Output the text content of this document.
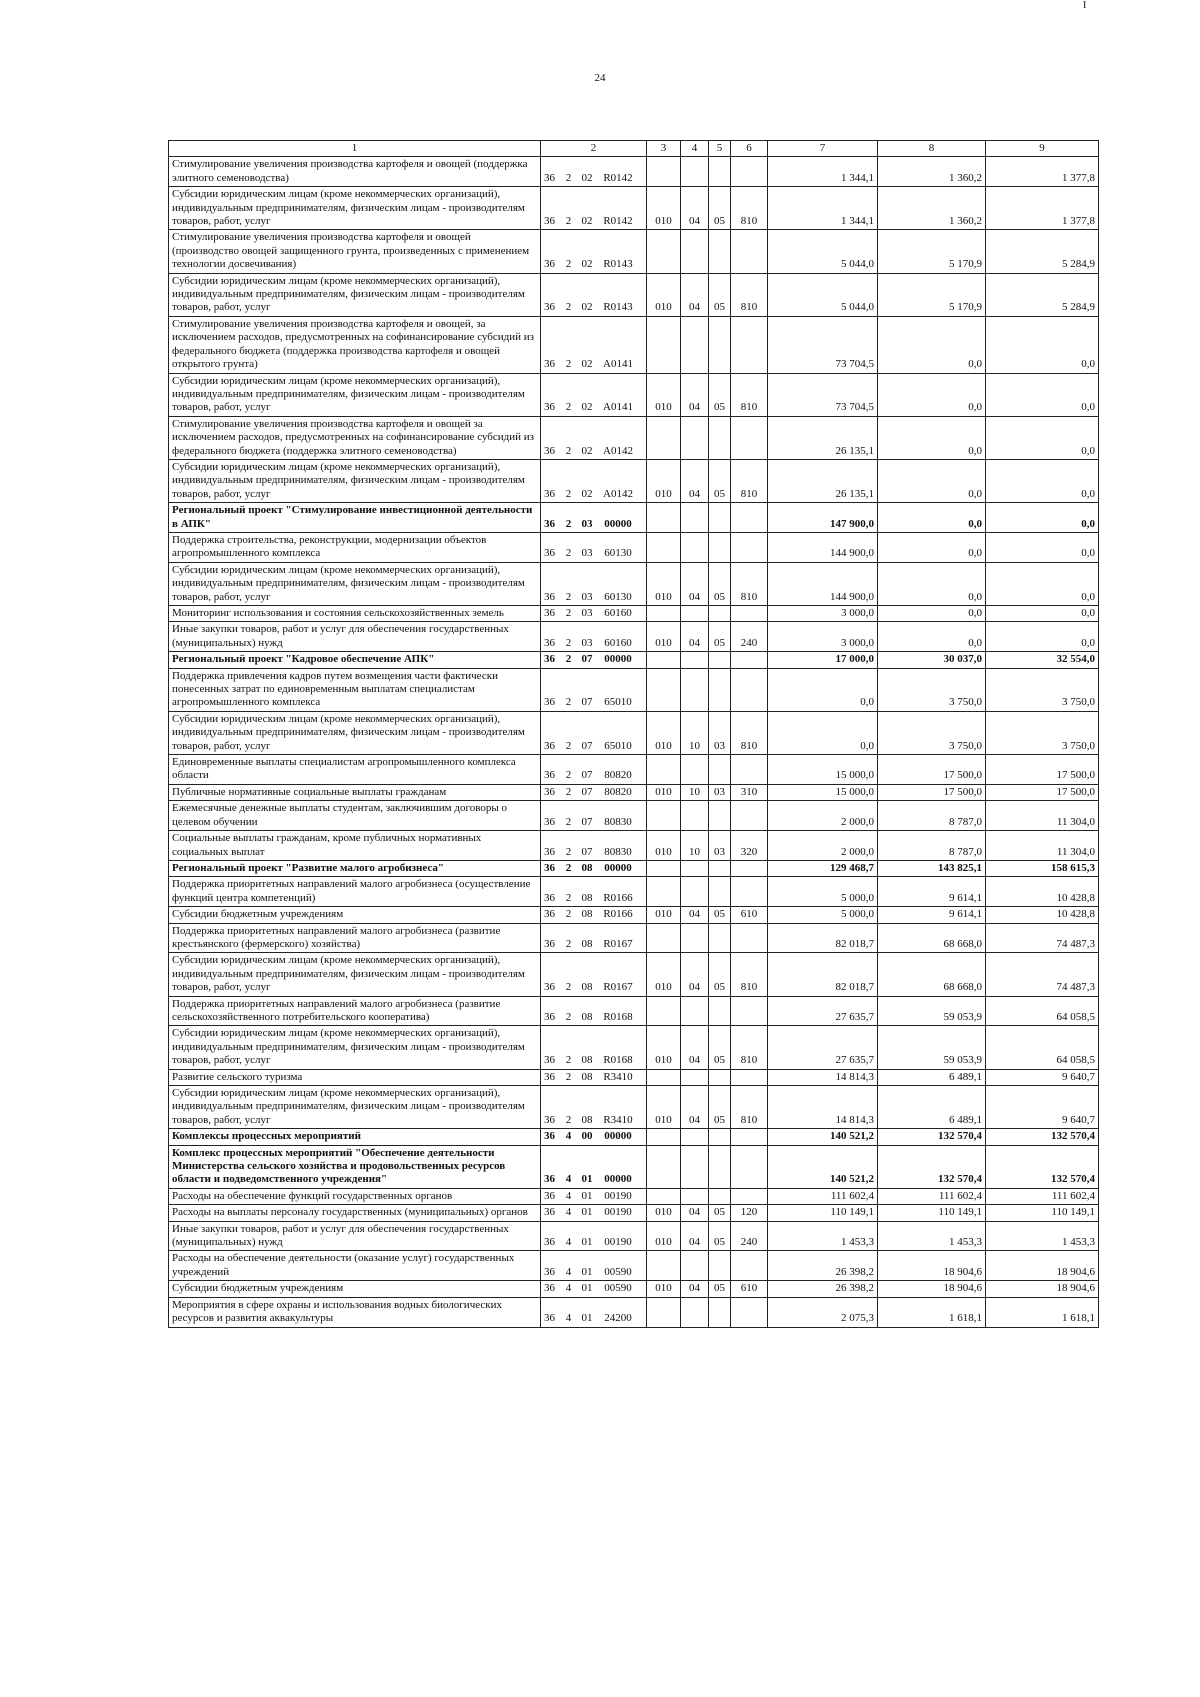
I
24
1	2	3	4	5	6	7	8	9
Стимулирование увеличения производства картофеля и овощей (поддержка элитного семеноводства)	36 2 02 R0142					1 344,1	1 360,2	1 377,8
Субсидии юридическим лицам (кроме некоммерческих организаций), индивидуальным предпринимателям, физическим лицам - производителям товаров, работ, услуг	36 2 02 R0142	010	04	05	810	1 344,1	1 360,2	1 377,8
Стимулирование увеличения производства картофеля и овощей (производство овощей защищенного грунта, произведенных с применением технологии досвечивания)	36 2 02 R0143					5 044,0	5 170,9	5 284,9
Субсидии юридическим лицам (кроме некоммерческих организаций), индивидуальным предпринимателям, физическим лицам - производителям товаров, работ, услуг	36 2 02 R0143	010	04	05	810	5 044,0	5 170,9	5 284,9
Стимулирование увеличения производства картофеля и овощей, за исключением расходов, предусмотренных на софинансирование субсидий из федерального бюджета (поддержка производства картофеля и овощей открытого грунта)	36 2 02 A0141					73 704,5	0,0	0,0
Субсидии юридическим лицам (кроме некоммерческих организаций), индивидуальным предпринимателям, физическим лицам - производителям товаров, работ, услуг	36 2 02 A0141	010	04	05	810	73 704,5	0,0	0,0
Стимулирование увеличения производства картофеля и овощей за исключением расходов, предусмотренных на софинансирование субсидий из федерального бюджета (поддержка элитного семеноводства)	36 2 02 A0142					26 135,1	0,0	0,0
Субсидии юридическим лицам (кроме некоммерческих организаций), индивидуальным предпринимателям, физическим лицам - производителям товаров, работ, услуг	36 2 02 A0142	010	04	05	810	26 135,1	0,0	0,0
Региональный проект "Стимулирование инвестиционной деятельности в АПК"	36 2 03 00000					147 900,0	0,0	0,0
Поддержка строительства, реконструкции, модернизации объектов агропромышленного комплекса	36 2 03 60130					144 900,0	0,0	0,0
Субсидии юридическим лицам (кроме некоммерческих организаций), индивидуальным предпринимателям, физическим лицам - производителям товаров, работ, услуг	36 2 03 60130	010	04	05	810	144 900,0	0,0	0,0
Мониторинг использования и состояния сельскохозяйственных земель	36 2 03 60160					3 000,0	0,0	0,0
Иные закупки товаров, работ и услуг для обеспечения государственных (муниципальных) нужд	36 2 03 60160	010	04	05	240	3 000,0	0,0	0,0
Региональный проект "Кадровое обеспечение АПК"	36 2 07 00000					17 000,0	30 037,0	32 554,0
Поддержка привлечения кадров путем возмещения части фактически понесенных затрат по единовременным выплатам специалистам агропромышленного комплекса	36 2 07 65010					0,0	3 750,0	3 750,0
Субсидии юридическим лицам (кроме некоммерческих организаций), индивидуальным предпринимателям, физическим лицам - производителям товаров, работ, услуг	36 2 07 65010	010	10	03	810	0,0	3 750,0	3 750,0
Единовременные выплаты специалистам агропромышленного комплекса области	36 2 07 80820					15 000,0	17 500,0	17 500,0
Публичные нормативные социальные выплаты гражданам	36 2 07 80820	010	10	03	310	15 000,0	17 500,0	17 500,0
Ежемесячные денежные выплаты студентам, заключившим договоры о целевом обучении	36 2 07 80830					2 000,0	8 787,0	11 304,0
Социальные выплаты гражданам, кроме публичных нормативных социальных выплат	36 2 07 80830	010	10	03	320	2 000,0	8 787,0	11 304,0
Региональный проект "Развитие малого агробизнеса"	36 2 08 00000					129 468,7	143 825,1	158 615,3
Поддержка приоритетных направлений малого агробизнеса (осуществление функций центра компетенций)	36 2 08 R0166					5 000,0	9 614,1	10 428,8
Субсидии бюджетным учреждениям	36 2 08 R0166	010	04	05	610	5 000,0	9 614,1	10 428,8
Поддержка приоритетных направлений малого агробизнеса (развитие крестьянского (фермерского) хозяйства)	36 2 08 R0167					82 018,7	68 668,0	74 487,3
Субсидии юридическим лицам (кроме некоммерческих организаций), индивидуальным предпринимателям, физическим лицам - производителям товаров, работ, услуг	36 2 08 R0167	010	04	05	810	82 018,7	68 668,0	74 487,3
Поддержка приоритетных направлений малого агробизнеса (развитие сельскохозяйственного потребительского кооператива)	36 2 08 R0168					27 635,7	59 053,9	64 058,5
Субсидии юридическим лицам (кроме некоммерческих организаций), индивидуальным предпринимателям, физическим лицам - производителям товаров, работ, услуг	36 2 08 R0168	010	04	05	810	27 635,7	59 053,9	64 058,5
Развитие сельского туризма	36 2 08 R3410					14 814,3	6 489,1	9 640,7
Субсидии юридическим лицам (кроме некоммерческих организаций), индивидуальным предпринимателям, физическим лицам - производителям товаров, работ, услуг	36 2 08 R3410	010	04	05	810	14 814,3	6 489,1	9 640,7
Комплексы процессных мероприятий	36 4 00 00000					140 521,2	132 570,4	132 570,4
Комплекс процессных мероприятий "Обеспечение деятельности Министерства сельского хозяйства и продовольственных ресурсов области и подведомственного учреждения"	36 4 01 00000					140 521,2	132 570,4	132 570,4
Расходы на обеспечение функций государственных органов	36 4 01 00190					111 602,4	111 602,4	111 602,4
Расходы на выплаты персоналу государственных (муниципальных) органов	36 4 01 00190	010	04	05	120	110 149,1	110 149,1	110 149,1
Иные закупки товаров, работ и услуг для обеспечения государственных (муниципальных) нужд	36 4 01 00190	010	04	05	240	1 453,3	1 453,3	1 453,3
Расходы на обеспечение деятельности (оказание услуг) государственных учреждений	36 4 01 00590					26 398,2	18 904,6	18 904,6
Субсидии бюджетным учреждениям	36 4 01 00590	010	04	05	610	26 398,2	18 904,6	18 904,6
Мероприятия в сфере охраны и использования водных биологических ресурсов и развития аквакультуры	36 4 01 24200					2 075,3	1 618,1	1 618,1
